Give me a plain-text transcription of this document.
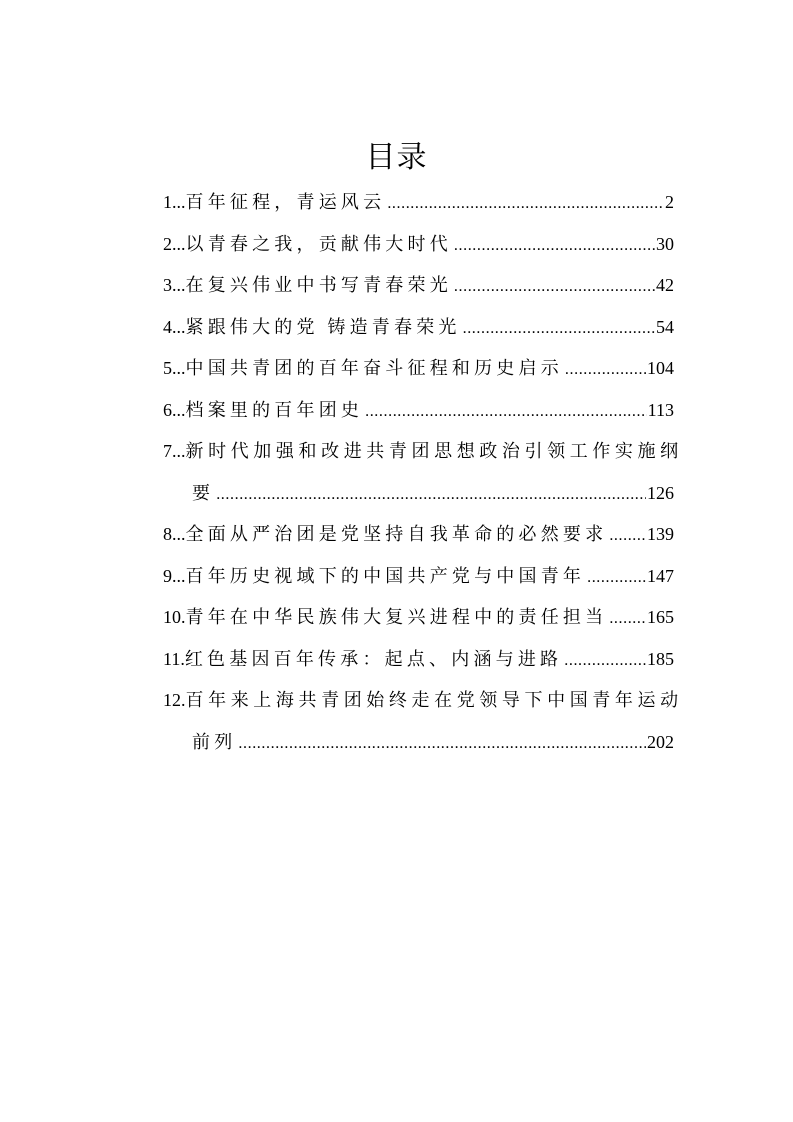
目录
1... 百年征程，青运风云 .....	2
2... 以青春之我，贡献伟大时代 .....	30
3... 在复兴伟业中书写青春荣光 .....	42
4... 紧跟伟大的党 铸造青春荣光 .....	54
5... 中国共青团的百年奋斗征程和历史启示 .....	104
6... 档案里的百年团史 .....	113
7... 新时代加强和改进共青团思想政治引领工作实施纲
要 .....	126
8... 全面从严治团是党坚持自我革命的必然要求 ..... 139
9... 百年历史视域下的中国共产党与中国青年 .....	147
10. 青年在中华民族伟大复兴进程中的责任担当 ..... 165
11. 红色基因百年传承：起点、内涵与进路 .....	185
12. 百年来上海共青团始终走在党领导下中国青年运动
前列 .....	202
